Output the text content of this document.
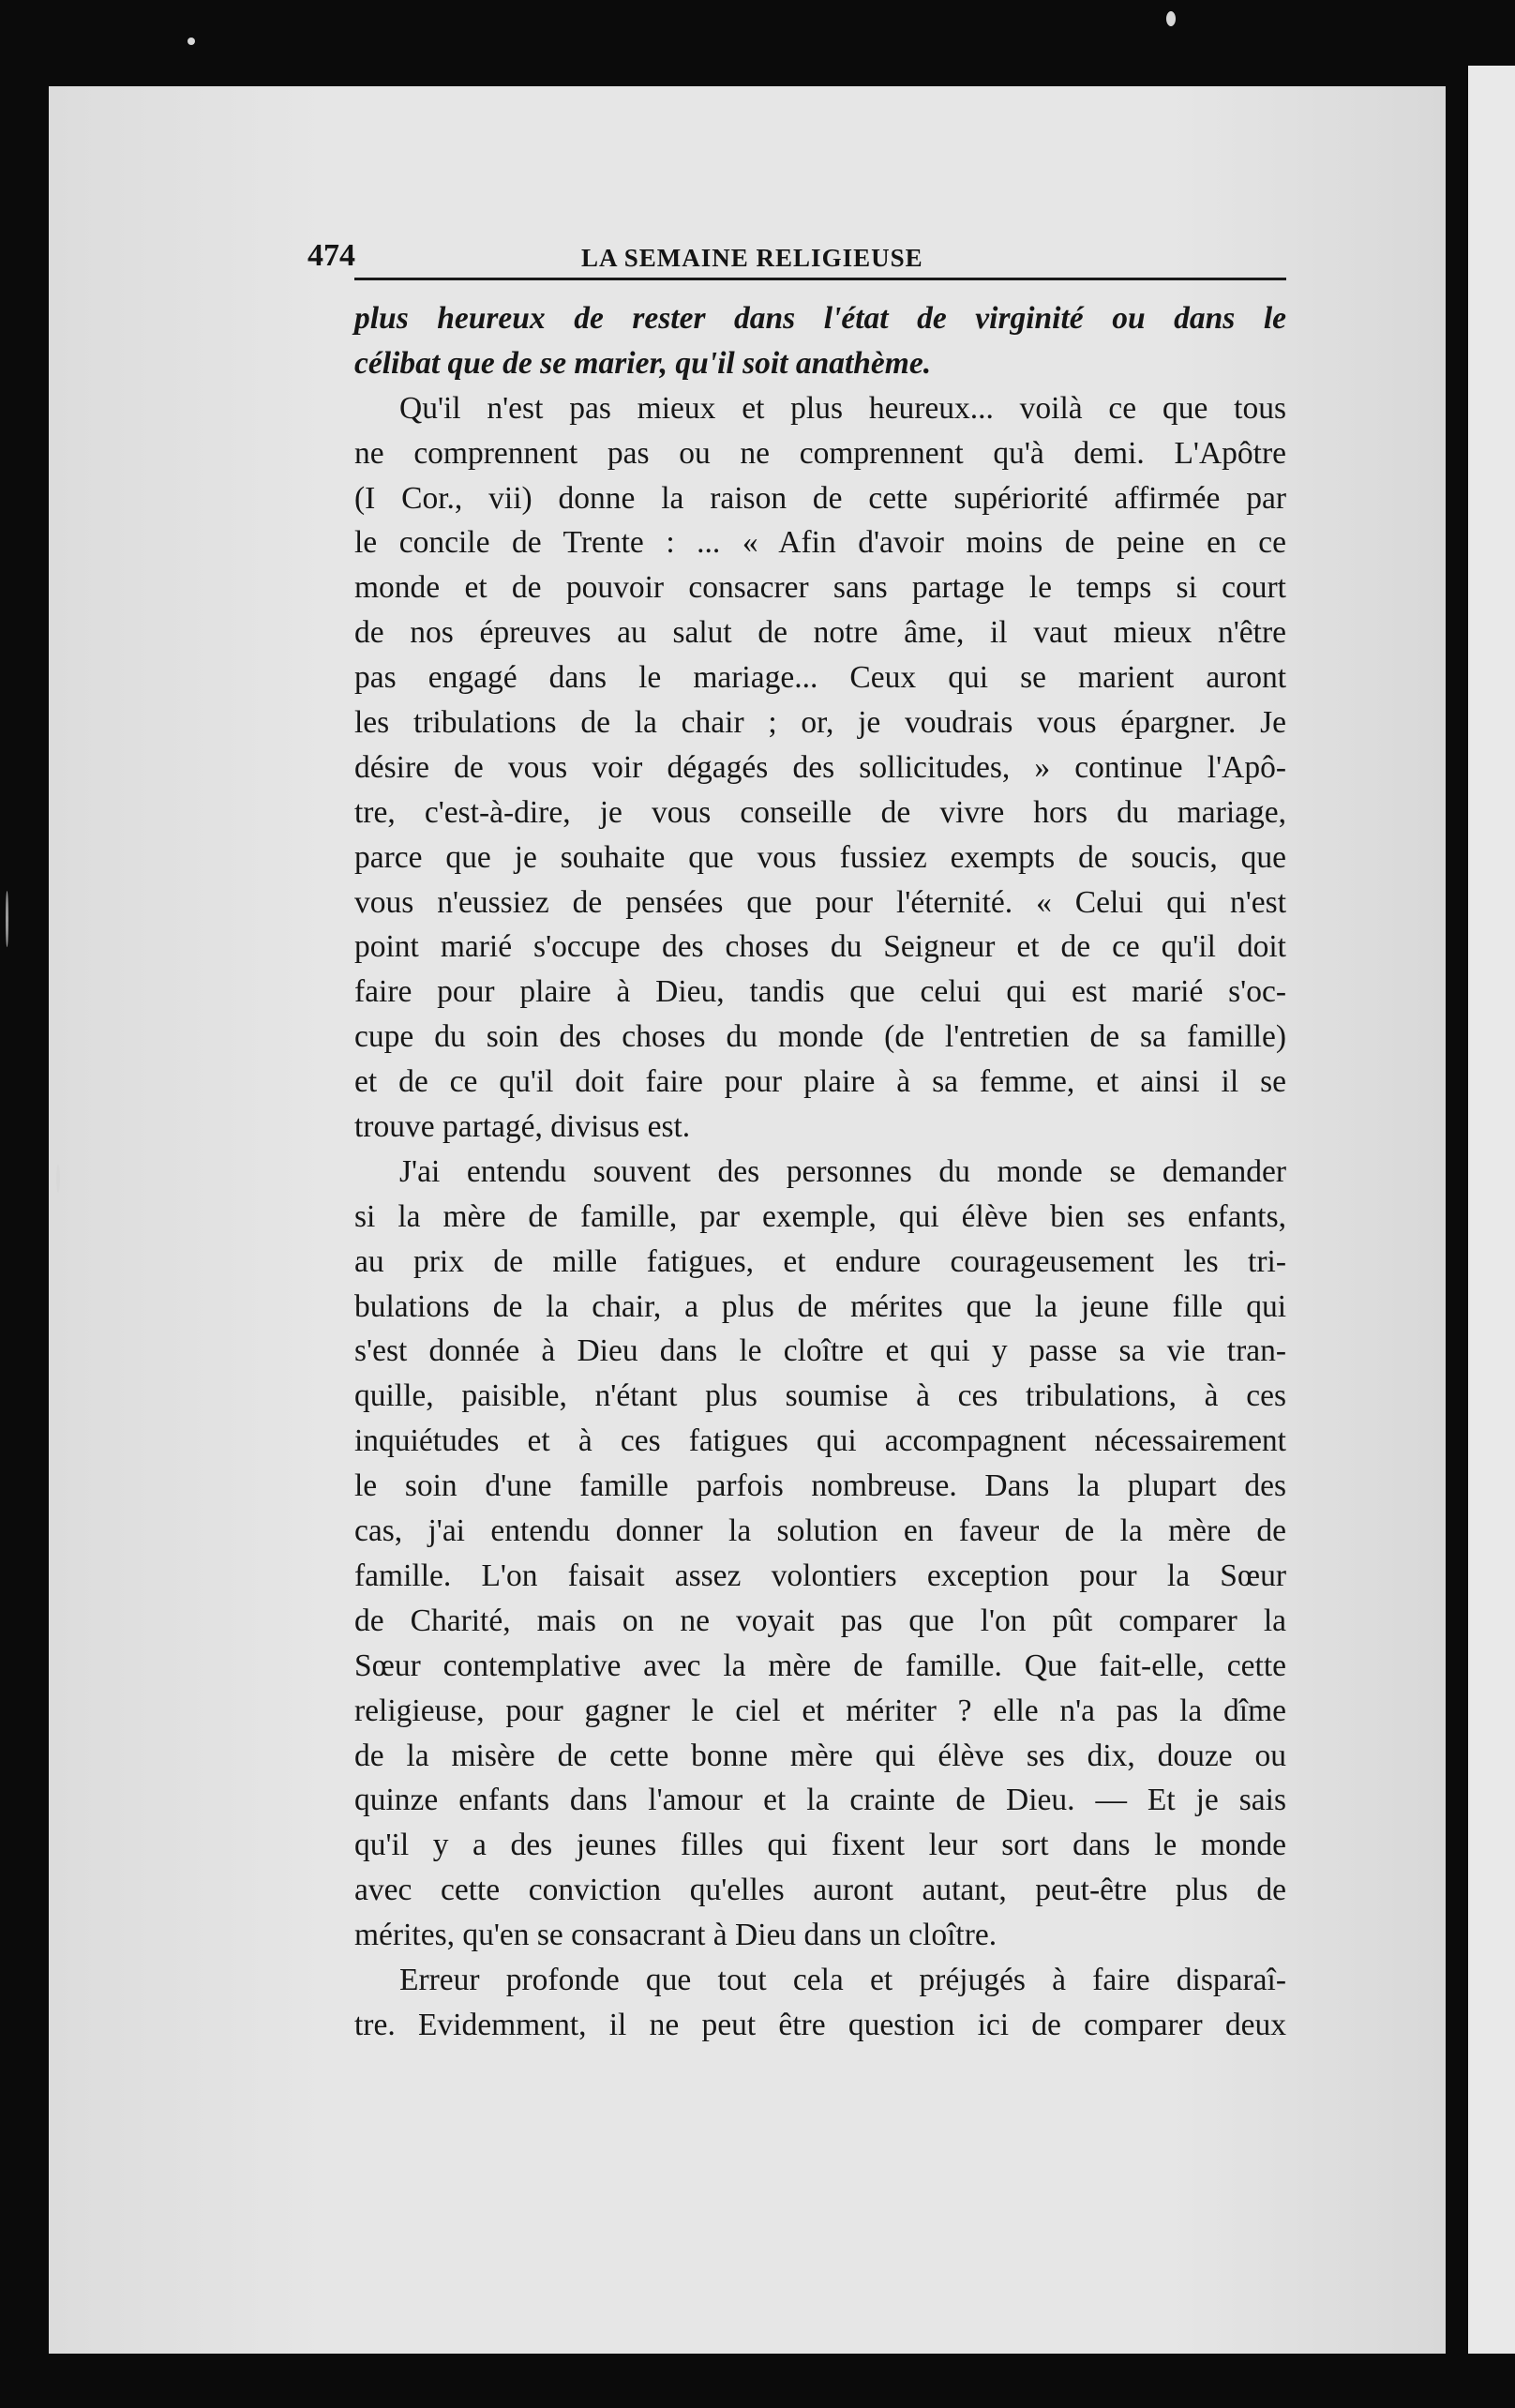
474	LA SEMAINE RELIGIEUSE
plus heureux de rester dans l'état de virginité ou dans le
célibat que de se marier, qu'il soit anathème.
Qu'il n'est pas mieux et plus heureux... voilà ce que tous
ne comprennent pas ou ne comprennent qu'à demi. L'Apôtre
(I Cor., vii) donne la raison de cette supériorité affirmée par
le concile de Trente : ... « Afin d'avoir moins de peine en ce
monde et de pouvoir consacrer sans partage le temps si court
de nos épreuves au salut de notre âme, il vaut mieux n'être
pas engagé dans le mariage... Ceux qui se marient auront
les tribulations de la chair ; or, je voudrais vous épargner. Je
désire de vous voir dégagés des sollicitudes, » continue l'Apô-
tre, c'est-à-dire, je vous conseille de vivre hors du mariage,
parce que je souhaite que vous fussiez exempts de soucis, que
vous n'eussiez de pensées que pour l'éternité. « Celui qui n'est
point marié s'occupe des choses du Seigneur et de ce qu'il doit
faire pour plaire à Dieu, tandis que celui qui est marié s'oc-
cupe du soin des choses du monde (de l'entretien de sa famille)
et de ce qu'il doit faire pour plaire à sa femme, et ainsi il se
trouve partagé, divisus est.
J'ai entendu souvent des personnes du monde se demander
si la mère de famille, par exemple, qui élève bien ses enfants,
au prix de mille fatigues, et endure courageusement les tri-
bulations de la chair, a plus de mérites que la jeune fille qui
s'est donnée à Dieu dans le cloître et qui y passe sa vie tran-
quille, paisible, n'étant plus soumise à ces tribulations, à ces
inquiétudes et à ces fatigues qui accompagnent nécessairement
le soin d'une famille parfois nombreuse. Dans la plupart des
cas, j'ai entendu donner la solution en faveur de la mère de
famille. L'on faisait assez volontiers exception pour la Sœur
de Charité, mais on ne voyait pas que l'on pût comparer la
Sœur contemplative avec la mère de famille. Que fait-elle, cette
religieuse, pour gagner le ciel et mériter ? elle n'a pas la dîme
de la misère de cette bonne mère qui élève ses dix, douze ou
quinze enfants dans l'amour et la crainte de Dieu. — Et je sais
qu'il y a des jeunes filles qui fixent leur sort dans le monde
avec cette conviction qu'elles auront autant, peut-être plus de
mérites, qu'en se consacrant à Dieu dans un cloître.
Erreur profonde que tout cela et préjugés à faire disparaî-
tre. Evidemment, il ne peut être question ici de comparer deux
